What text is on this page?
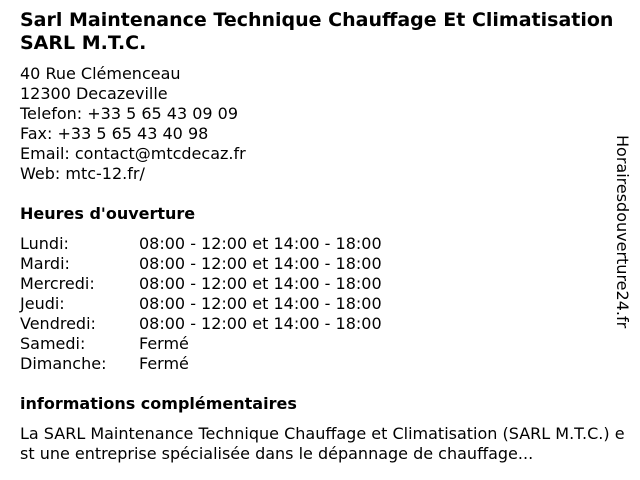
Sarl Maintenance Technique Chauffage Et Climatisation SARL M.T.C.
40 Rue Clémenceau
12300 Decazeville
Telefon: +33 5 65 43 09 09
Fax: +33 5 65 43 40 98
Email: contact@mtcdecaz.fr
Web: mtc-12.fr/
Heures d'ouverture
Lundi:	08:00 - 12:00 et 14:00 - 18:00
Mardi:	08:00 - 12:00 et 14:00 - 18:00
Mercredi:	08:00 - 12:00 et 14:00 - 18:00
Jeudi:	08:00 - 12:00 et 14:00 - 18:00
Vendredi:	08:00 - 12:00 et 14:00 - 18:00
Samedi:	Fermé
Dimanche:	Fermé
informations complémentaires

La SARL Maintenance Technique Chauffage et Climatisation (SARL M.T.C.) est une entreprise spécialisée dans le dépannage de chauffage...

Horairesdouverture24.fr
